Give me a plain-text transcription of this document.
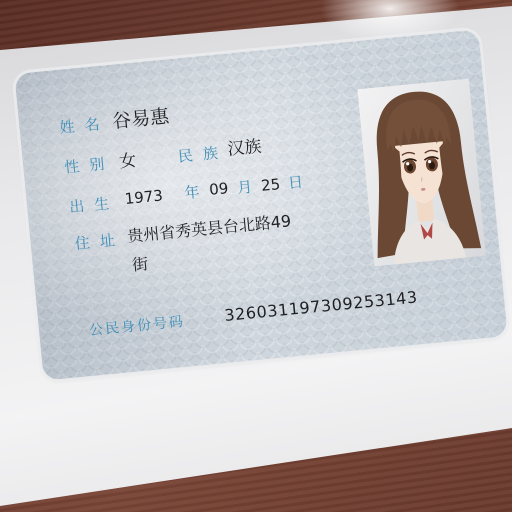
姓名 谷易惠
性别 女	民族
汉族
出生 1973 年 09 月 25 日
住址 贵州省秀英县台北路49
街
公民身份号码
326031197309253143
